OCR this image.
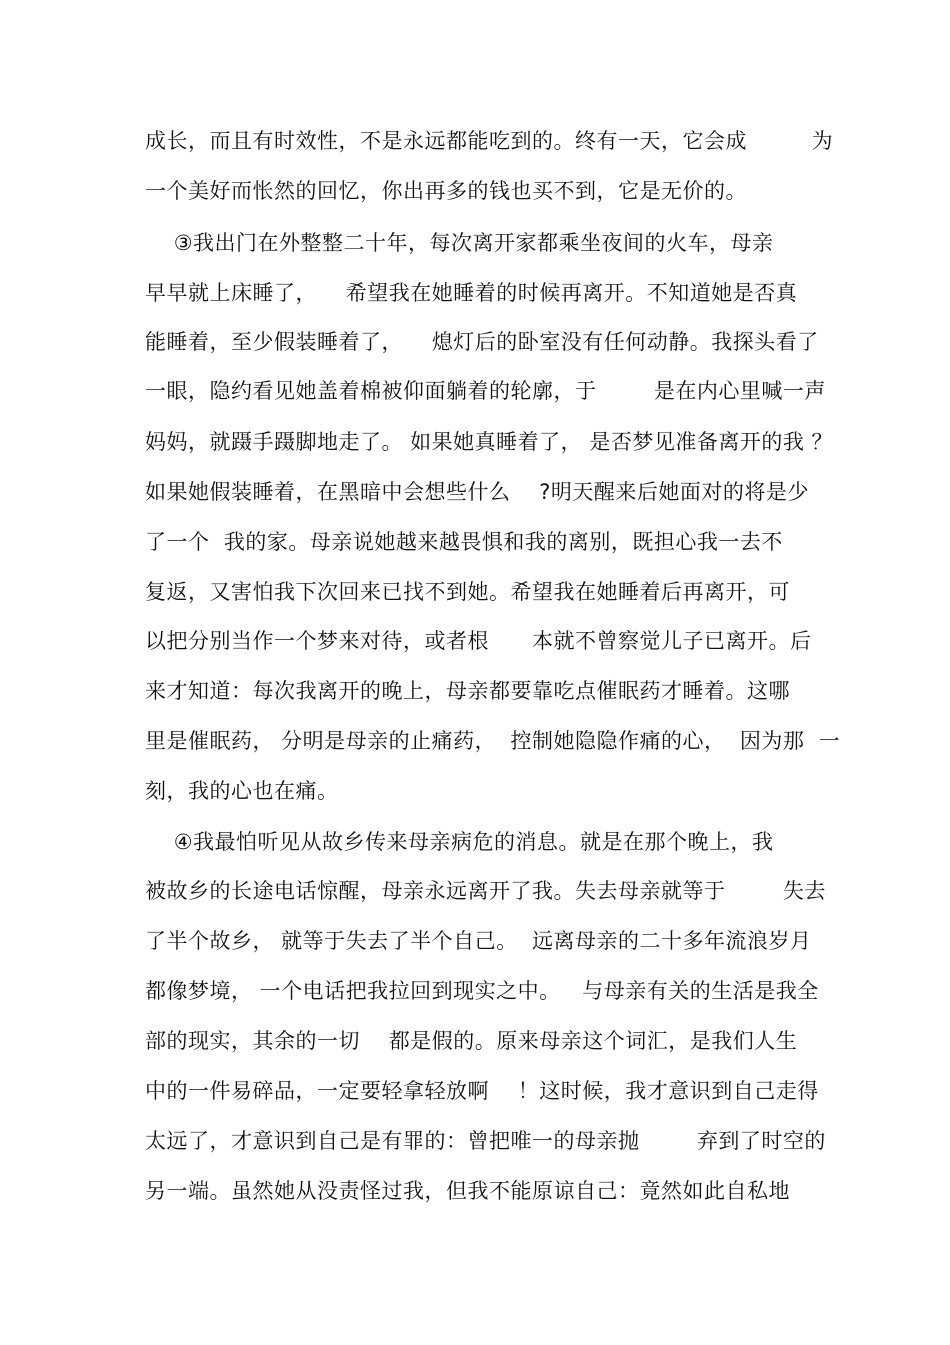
成长，而且有时效性，不是永远都能吃到的。终有一天，它会成         为
一个美好而怅然的回忆，你出再多的钱也买不到，它是无价的。
③我出门在外整整二十年，每次离开家都乘坐夜间的火车，母亲
早早就上床睡了，    希望我在她睡着的时候再离开。不知道她是否真
能睡着，至少假装睡着了，    熄灯后的卧室没有任何动静。我探头看了
一眼，隐约看见她盖着棉被仰面躺着的轮廓，于        是在内心里喊一声
妈妈，就蹑手蹑脚地走了。 如果她真睡着了， 是否梦见准备离开的我 ？
如果她假装睡着，在黑暗中会想些什么    ?明天醒来后她面对的将是少
了一个  我的家。母亲说她越来越畏惧和我的离别，既担心我一去不
复返，又害怕我下次回来已找不到她。希望我在她睡着后再离开，可
以把分别当作一个梦来对待，或者根      本就不曾察觉儿子已离开。后
来才知道：每次我离开的晚上，母亲都要靠吃点催眠药才睡着。这哪
里是催眠药， 分明是母亲的止痛药，  控制她隐隐作痛的心，  因为那  一
刻，我的心也在痛。
④我最怕听见从故乡传来母亲病危的消息。就是在那个晚上，我
被故乡的长途电话惊醒，母亲永远离开了我。失去母亲就等于        失去
了半个故乡， 就等于失去了半个自己。  远离母亲的二十多年流浪岁月
都像梦境， 一个电话把我拉回到现实之中。   与母亲有关的生活是我全
部的现实，其余的一切    都是假的。原来母亲这个词汇，是我们人生
中的一件易碎品，一定要轻拿轻放啊    ！这时候，我才意识到自己走得
太远了，才意识到自己是有罪的：曾把唯一的母亲抛        弃到了时空的
另一端。虽然她从没责怪过我，但我不能原谅自己：竟然如此自私地
